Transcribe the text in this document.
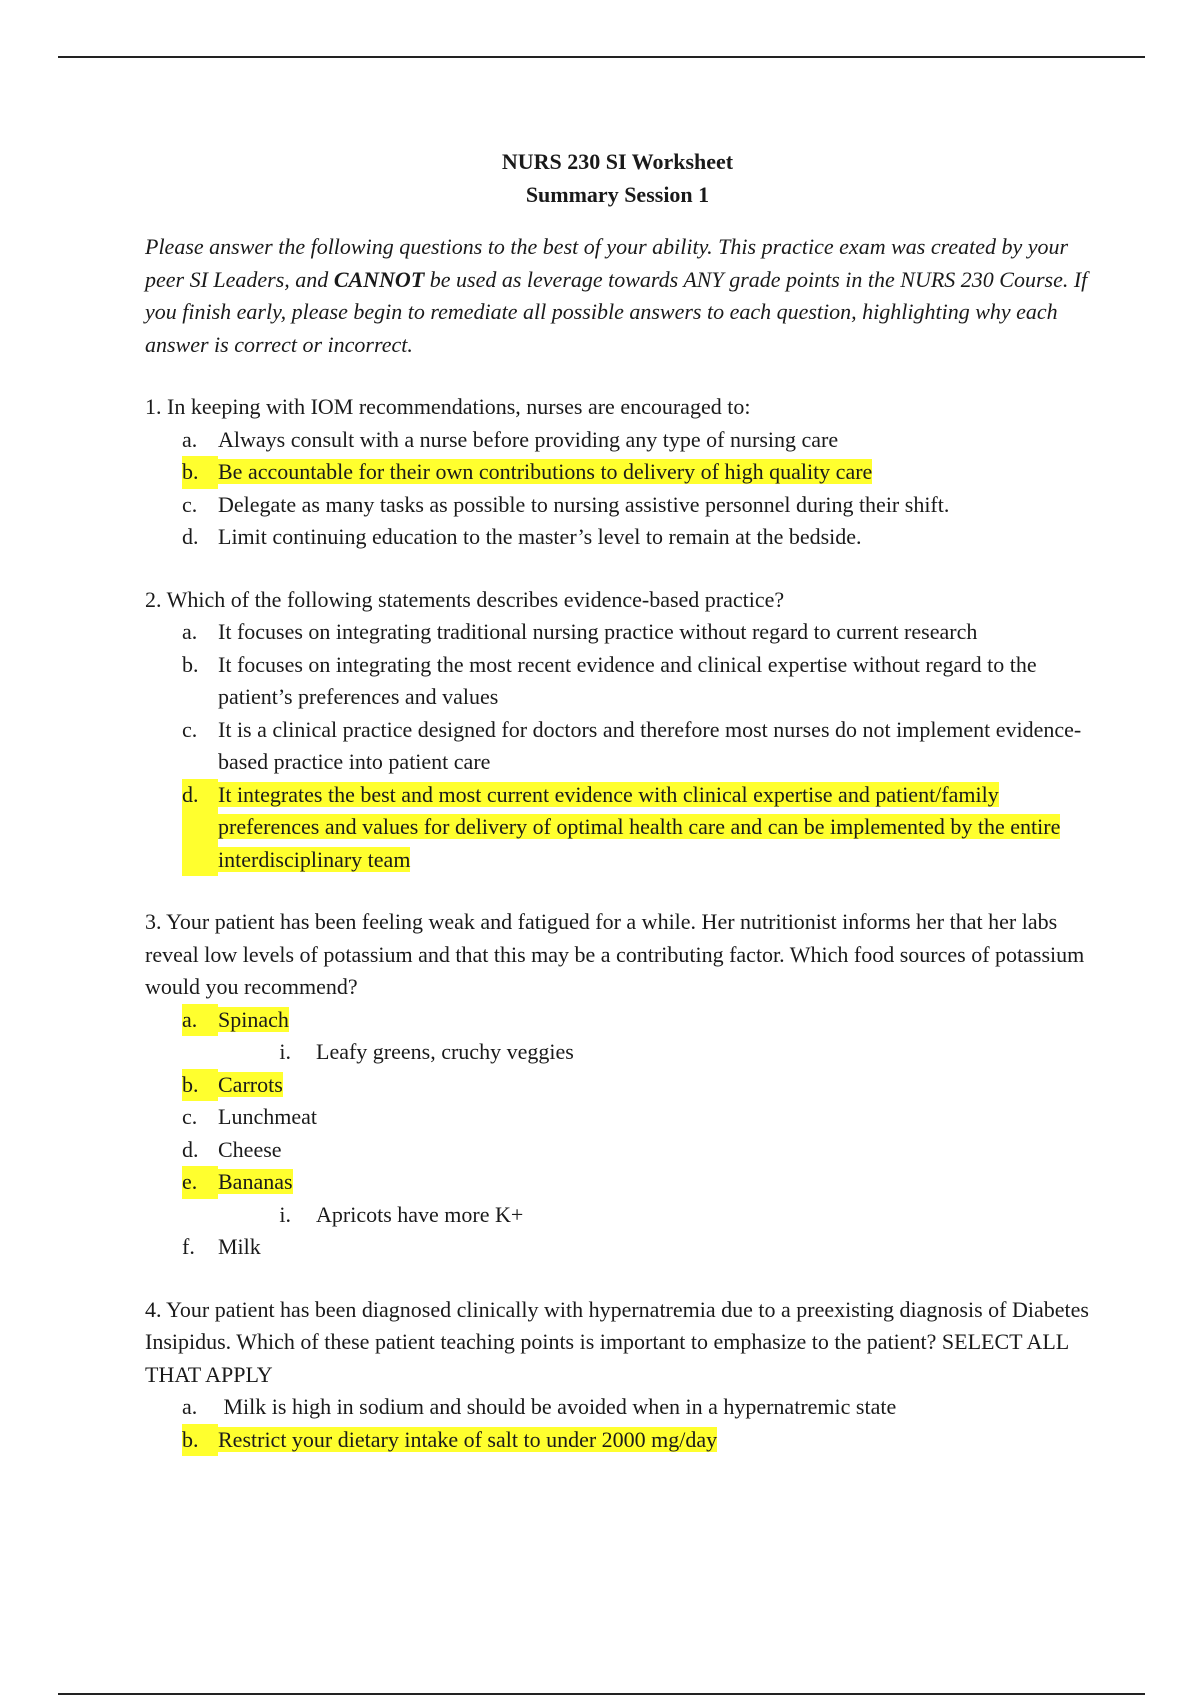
NURS 230 SI Worksheet
Summary Session 1
Please answer the following questions to the best of your ability. This practice exam was created by your peer SI Leaders, and CANNOT be used as leverage towards ANY grade points in the NURS 230 Course. If you finish early, please begin to remediate all possible answers to each question, highlighting why each answer is correct or incorrect.
1. In keeping with IOM recommendations, nurses are encouraged to:
a. Always consult with a nurse before providing any type of nursing care
b. Be accountable for their own contributions to delivery of high quality care
c. Delegate as many tasks as possible to nursing assistive personnel during their shift.
d. Limit continuing education to the master’s level to remain at the bedside.
2. Which of the following statements describes evidence-based practice?
a. It focuses on integrating traditional nursing practice without regard to current research
b. It focuses on integrating the most recent evidence and clinical expertise without regard to the patient’s preferences and values
c. It is a clinical practice designed for doctors and therefore most nurses do not implement evidence-based practice into patient care
d. It integrates the best and most current evidence with clinical expertise and patient/family preferences and values for delivery of optimal health care and can be implemented by the entire interdisciplinary team
3. Your patient has been feeling weak and fatigued for a while. Her nutritionist informs her that her labs reveal low levels of potassium and that this may be a contributing factor. Which food sources of potassium would you recommend?
a. Spinach
i.	Leafy greens, cruchy veggies
b. Carrots
c. Lunchmeat
d. Cheese
e. Bananas
i.	Apricots have more K+
f.	Milk
4. Your patient has been diagnosed clinically with hypernatremia due to a preexisting diagnosis of Diabetes Insipidus. Which of these patient teaching points is important to emphasize to the patient? SELECT ALL THAT APPLY
a. Milk is high in sodium and should be avoided when in a hypernatremic state
b. Restrict your dietary intake of salt to under 2000 mg/day
